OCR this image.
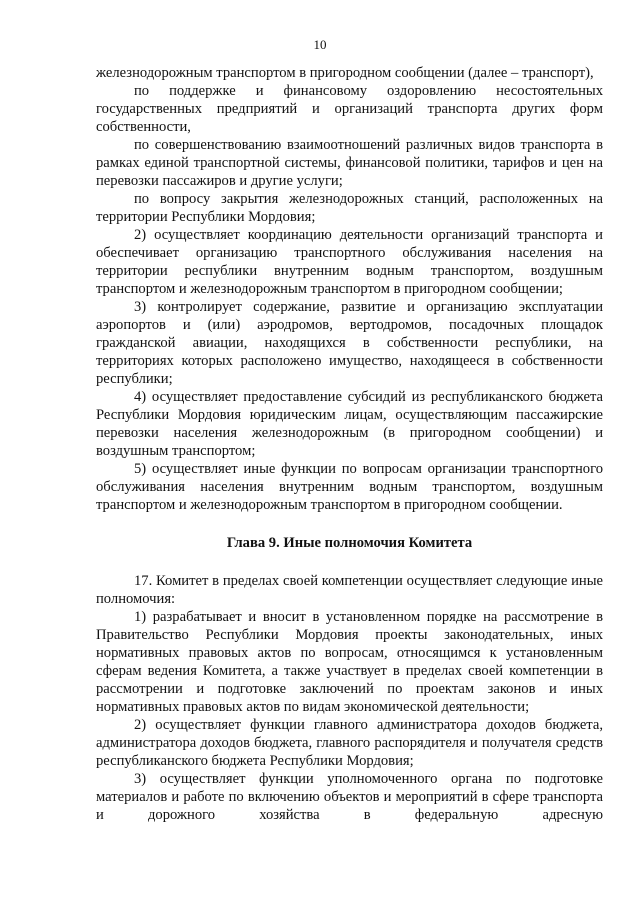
10

железнодорожным транспортом в пригородном сообщении (далее – транспорт),

по поддержке и финансовому оздоровлению несостоятельных государственных предприятий и организаций транспорта других форм собственности,

по совершенствованию взаимоотношений различных видов транспорта в рамках единой транспортной системы, финансовой политики, тарифов и цен на перевозки пассажиров и другие услуги;

по вопросу закрытия железнодорожных станций, расположенных на территории Республики Мордовия;

2) осуществляет координацию деятельности организаций транспорта и обеспечивает организацию транспортного обслуживания населения на территории республики внутренним водным транспортом, воздушным транспортом и железнодорожным транспортом в пригородном сообщении;

3) контролирует содержание, развитие и организацию эксплуатации аэропортов и (или) аэродромов, вертодромов, посадочных площадок гражданской авиации, находящихся в собственности республики, на территориях которых расположено имущество, находящееся в собственности республики;

4) осуществляет предоставление субсидий из республиканского бюджета Республики Мордовия юридическим лицам, осуществляющим пассажирские перевозки населения железнодорожным (в пригородном сообщении) и воздушным транспортом;

5) осуществляет иные функции по вопросам организации транспортного обслуживания населения внутренним водным транспортом, воздушным транспортом и железнодорожным транспортом в пригородном сообщении.

Глава 9. Иные полномочия Комитета

17. Комитет в пределах своей компетенции осуществляет следующие иные полномочия:

1) разрабатывает и вносит в установленном порядке на рассмотрение в Правительство Республики Мордовия проекты законодательных, иных нормативных правовых актов по вопросам, относящимся к установленным сферам ведения Комитета, а также участвует в пределах своей компетенции в рассмотрении и подготовке заключений по проектам законов и иных нормативных правовых актов по видам экономической деятельности;

2) осуществляет функции главного администратора доходов бюджета, администратора доходов бюджета, главного распорядителя и получателя средств республиканского бюджета Республики Мордовия;

3) осуществляет функции уполномоченного органа по подготовке материалов и работе по включению объектов и мероприятий в сфере транспорта и дорожного хозяйства в федеральную адресную
